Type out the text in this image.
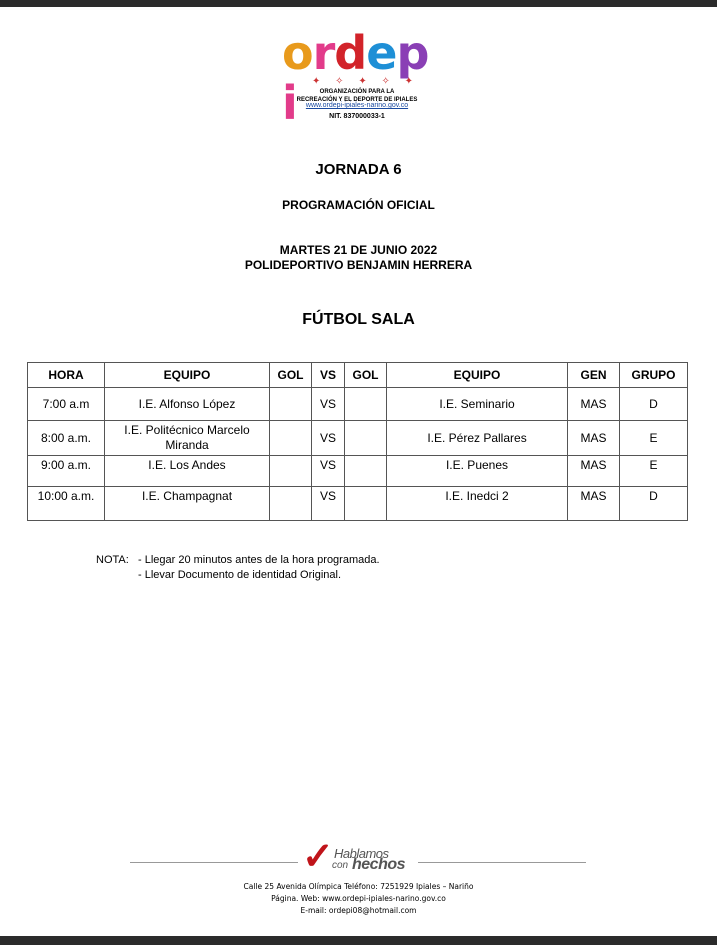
ordepi	✦ ✧ ✦ ✧ ✦
ORGANIZACIÓN PARA LA
RECREACIÓN Y EL DEPORTE DE IPIALES
www.ordepi-ipiales-narino.gov.co
NIT. 837000033-1
JORNADA 6
PROGRAMACIÓN OFICIAL
MARTES 21 DE JUNIO 2022
POLIDEPORTIVO BENJAMIN HERRERA
FÚTBOL SALA
HORA	EQUIPO	GOL	VS	GOL	EQUIPO	GEN	GRUPO
7:00 a.m	I.E. Alfonso López		VS		I.E. Seminario	MAS	D
8:00 a.m.	I.E. Politécnico Marcelo Miranda		VS		I.E. Pérez Pallares	MAS	E
9:00 a.m.	I.E. Los Andes		VS		I.E. Puenes	MAS	E
10:00 a.m.	I.E. Champagnat		VS		I.E. Inedci 2	MAS	D
NOTA: - Llegar 20 minutos antes de la hora programada.
- Llevar Documento de identidad Original.
✓ Hablamos
con hechos
Calle 25 Avenida Olímpica Teléfono: 7251929 Ipiales – Nariño
Página. Web: www.ordepi-ipiales-narino.gov.co
E-mail: ordepi08@hotmail.com
